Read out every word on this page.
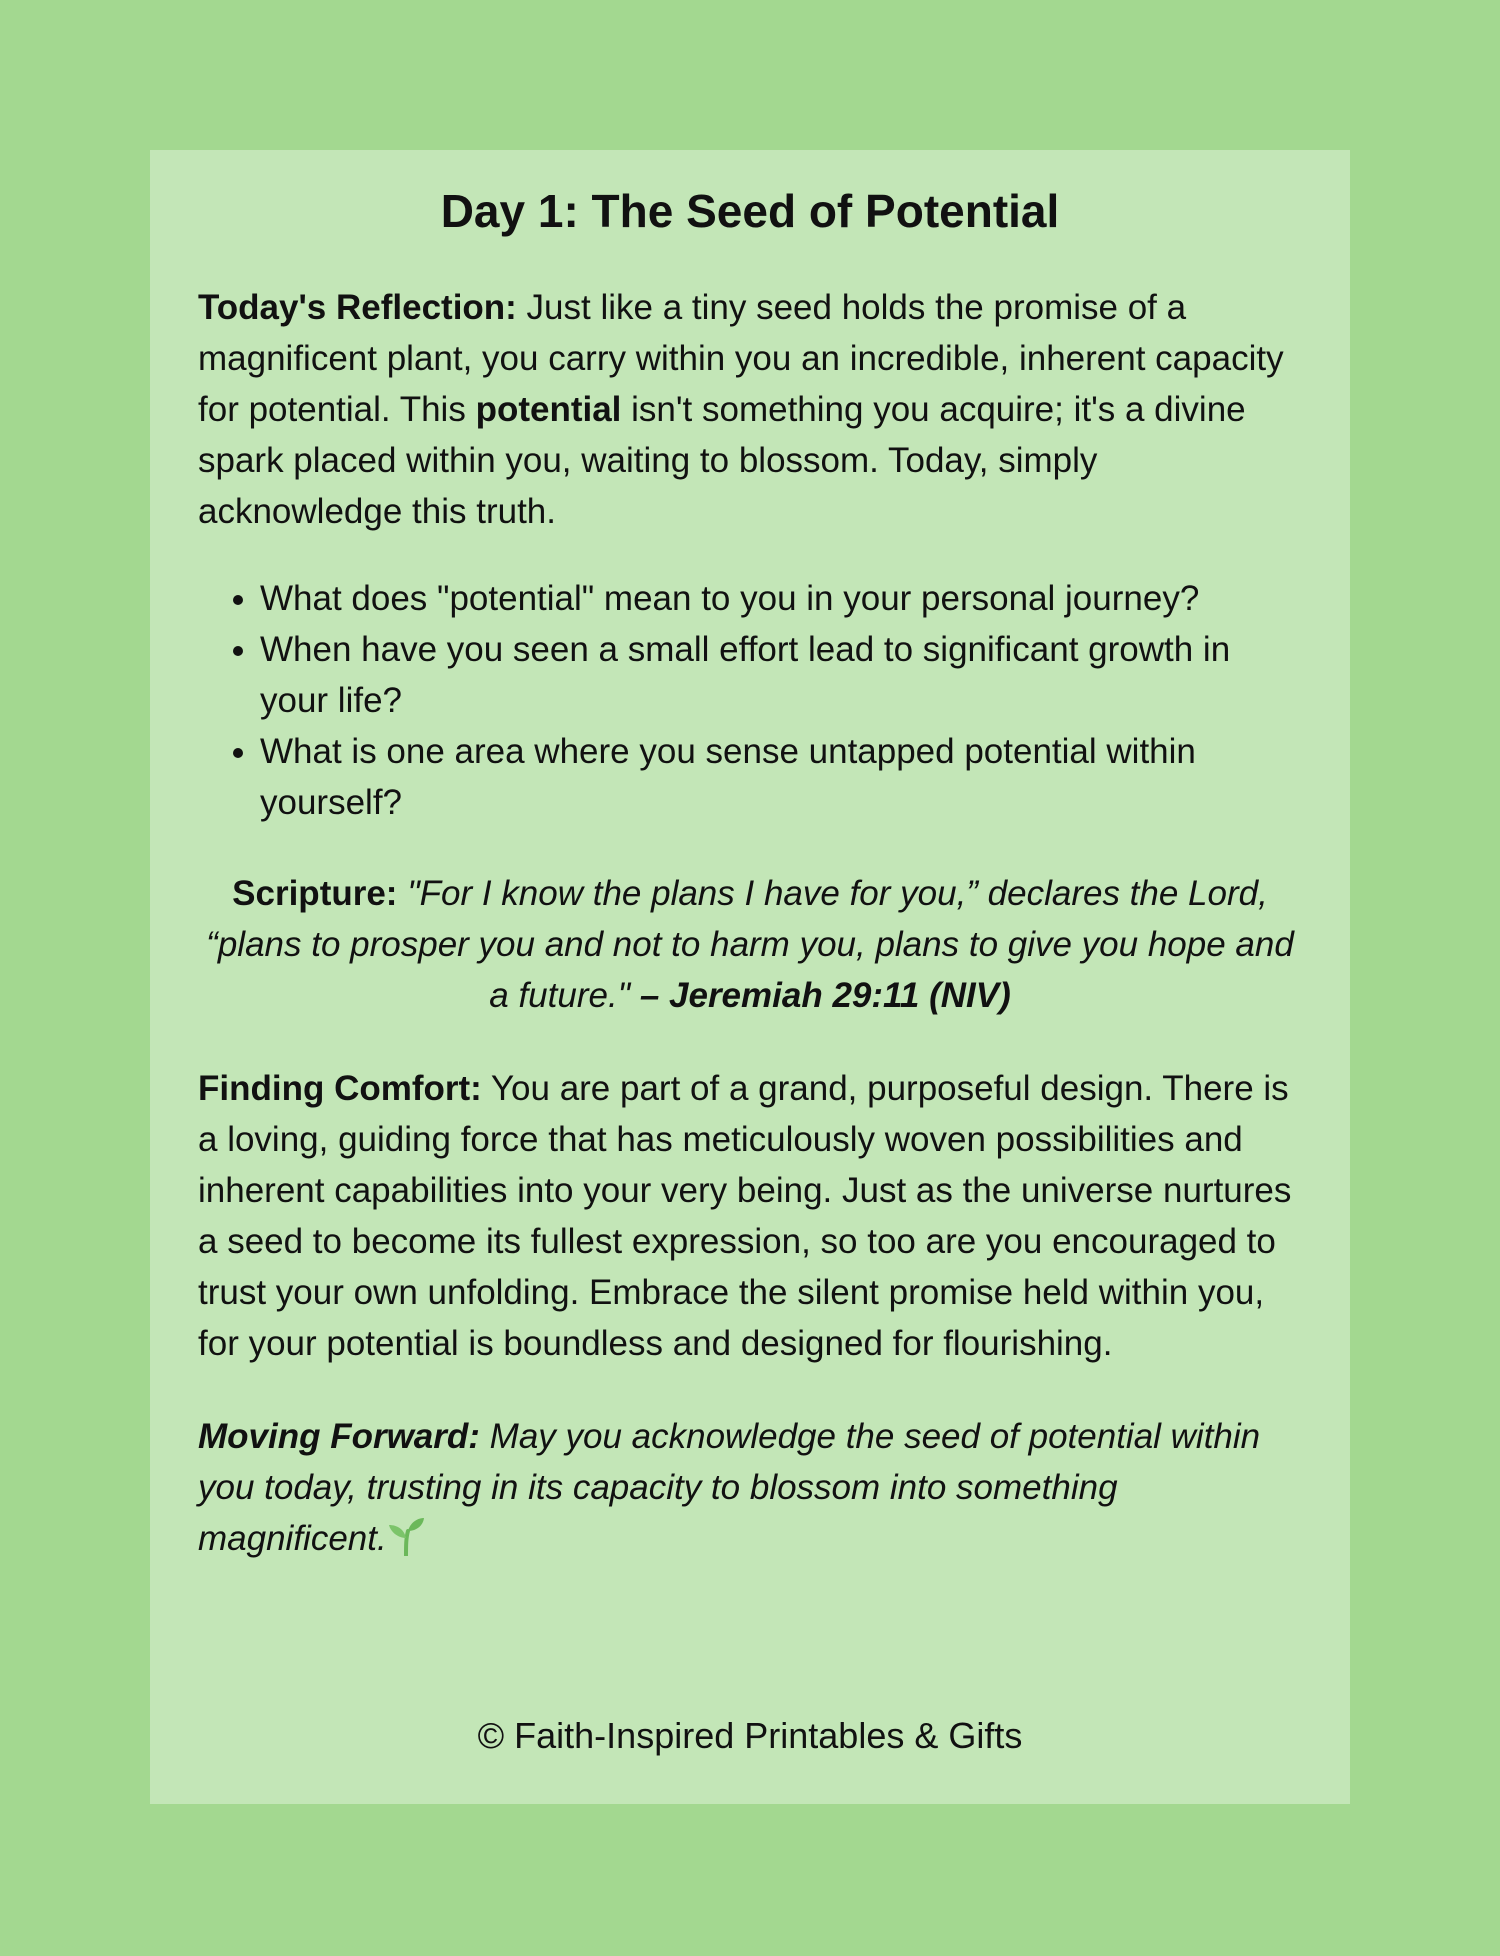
Day 1: The Seed of Potential

Today's Reflection: Just like a tiny seed holds the promise of a magnificent plant, you carry within you an incredible, inherent capacity for potential. This potential isn't something you acquire; it's a divine spark placed within you, waiting to blossom. Today, simply acknowledge this truth.

• What does "potential" mean to you in your personal journey?
• When have you seen a small effort lead to significant growth in your life?
• What is one area where you sense untapped potential within yourself?

Scripture: "For I know the plans I have for you,” declares the Lord, “plans to prosper you and not to harm you, plans to give you hope and a future." – Jeremiah 29:11 (NIV)

Finding Comfort: You are part of a grand, purposeful design. There is a loving, guiding force that has meticulously woven possibilities and inherent capabilities into your very being. Just as the universe nurtures a seed to become its fullest expression, so too are you encouraged to trust your own unfolding. Embrace the silent promise held within you, for your potential is boundless and designed for flourishing.

Moving Forward: May you acknowledge the seed of potential within you today, trusting in its capacity to blossom into something magnificent.

© Faith-Inspired Printables & Gifts
